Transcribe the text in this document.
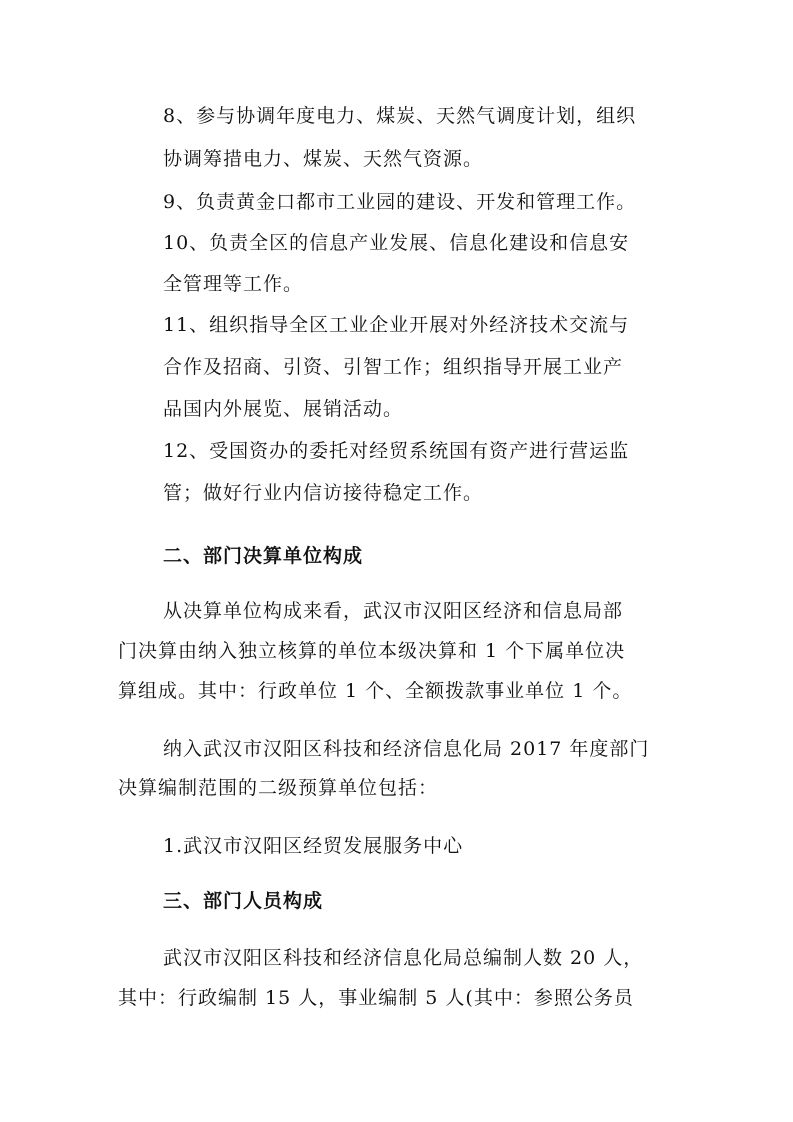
8、参与协调年度电力、煤炭、天然气调度计划，组织
协调筹措电力、煤炭、天然气资源。
9、负责黄金口都市工业园的建设、开发和管理工作。
10、负责全区的信息产业发展、信息化建设和信息安
全管理等工作。
11、组织指导全区工业企业开展对外经济技术交流与
合作及招商、引资、引智工作；组织指导开展工业产
品国内外展览、展销活动。
12、受国资办的委托对经贸系统国有资产进行营运监
管；做好行业内信访接待稳定工作。
二、部门决算单位构成
从决算单位构成来看，武汉市汉阳区经济和信息局部
门决算由纳入独立核算的单位本级决算和 1 个下属单位决
算组成。其中：行政单位 1 个、全额拨款事业单位 1 个。
纳入武汉市汉阳区科技和经济信息化局 2017 年度部门
决算编制范围的二级预算单位包括：
1.武汉市汉阳区经贸发展服务中心
三、部门人员构成
武汉市汉阳区科技和经济信息化局总编制人数 20 人，
其中：行政编制 15 人，事业编制 5 人(其中：参照公务员
